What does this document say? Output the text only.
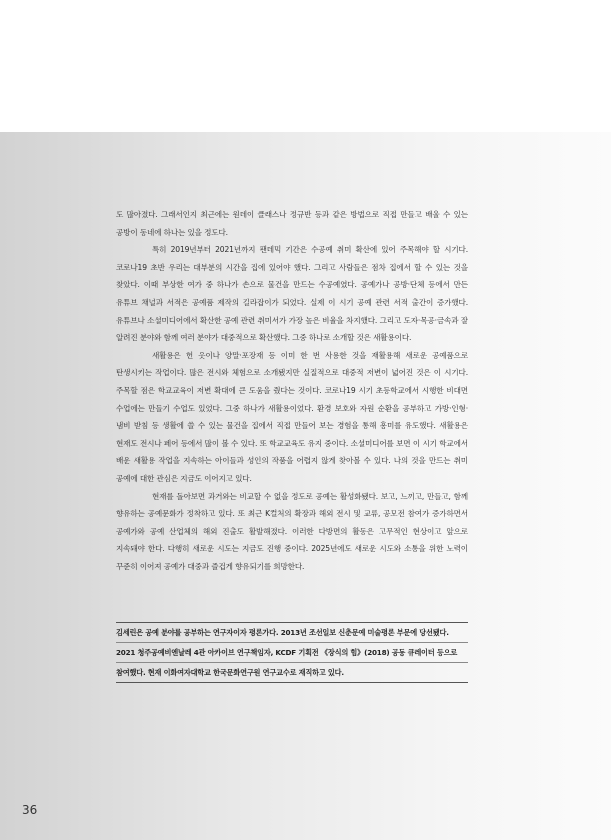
도 많아졌다. 그래서인지 최근에는 원데이 클래스나 정규반 등과 같은 방법으로 직접 만들고 배울 수 있는 공방이 동네에 하나는 있을 정도다.

특히 2019년부터 2021년까지 팬데믹 기간은 수공예 취미 확산에 있어 주목해야 할 시기다. 코로나19 초반 우리는 대부분의 시간을 집에 있어야 했다. 그리고 사람들은 점차 집에서 할 수 있는 것을 찾았다. 이때 부상한 여가 중 하나가 손으로 물건을 만드는 수공예였다. 공예가나 공방·단체 등에서 만든 유튜브 채널과 서적은 공예품 제작의 길라잡이가 되었다. 실제 이 시기 공예 관련 서적 출간이 증가했다. 유튜브나 소셜미디어에서 확산한 공예 관련 취미서가 가장 높은 비율을 차지했다. 그리고 도자·목공·금속과 잘 알려진 분야와 함께 여러 분야가 대중적으로 확산했다. 그중 하나로 소개할 것은 새활용이다.

새활용은 헌 옷이나 양말·포장재 등 이미 한 번 사용한 것을 재활용해 새로운 공예품으로 탄생시키는 작업이다. 많은 전시와 체험으로 소개됐지만 실질적으로 대중적 저변이 넓어진 것은 이 시기다. 주목할 점은 학교교육이 저변 확대에 큰 도움을 줬다는 것이다. 코로나19 시기 초등학교에서 시행한 비대면 수업에는 만들기 수업도 있었다. 그중 하나가 새활용이었다. 환경 보호와 자원 순환을 공부하고 가방·인형·냄비 받침 등 생활에 쓸 수 있는 물건을 집에서 직접 만들어 보는 경험을 통해 흥미를 유도했다. 새활용은 현재도 전시나 페어 등에서 많이 볼 수 있다. 또 학교교육도 유지 중이다. 소셜미디어를 보면 이 시기 학교에서 배운 새활용 작업을 지속하는 아이들과 성인의 작품을 어렵지 않게 찾아볼 수 있다. 나의 것을 만드는 취미 공예에 대한 관심은 지금도 이어지고 있다.

현재를 돌아보면 과거와는 비교할 수 없을 정도로 공예는 활성화됐다. 보고, 느끼고, 만들고, 함께 향유하는 공예문화가 정착하고 있다. 또 최근 K컬처의 확장과 해외 전시 및 교류, 공모전 참여가 증가하면서 공예가와 공예 산업체의 해외 진출도 활발해졌다. 이러한 다방면의 활동은 고무적인 현상이고 앞으로 지속돼야 한다. 다행히 새로운 시도는 지금도 진행 중이다. 2025년에도 새로운 시도와 소통을 위한 노력이 꾸준히 이어져 공예가 대중과 즐겁게 향유되기를 희망한다.

김세린은 공예 분야를 공부하는 연구자이자 평론가다. 2013년 조선일보 신춘문예 미술평론 부문에 당선됐다.
2021 청주공예비엔날레 4관 아카이브 연구책임자, KCDF 기획전 《장식의 힘》(2018) 공동 큐레이터 등으로
참여했다. 현재 이화여자대학교 한국문화연구원 연구교수로 재직하고 있다.
36
